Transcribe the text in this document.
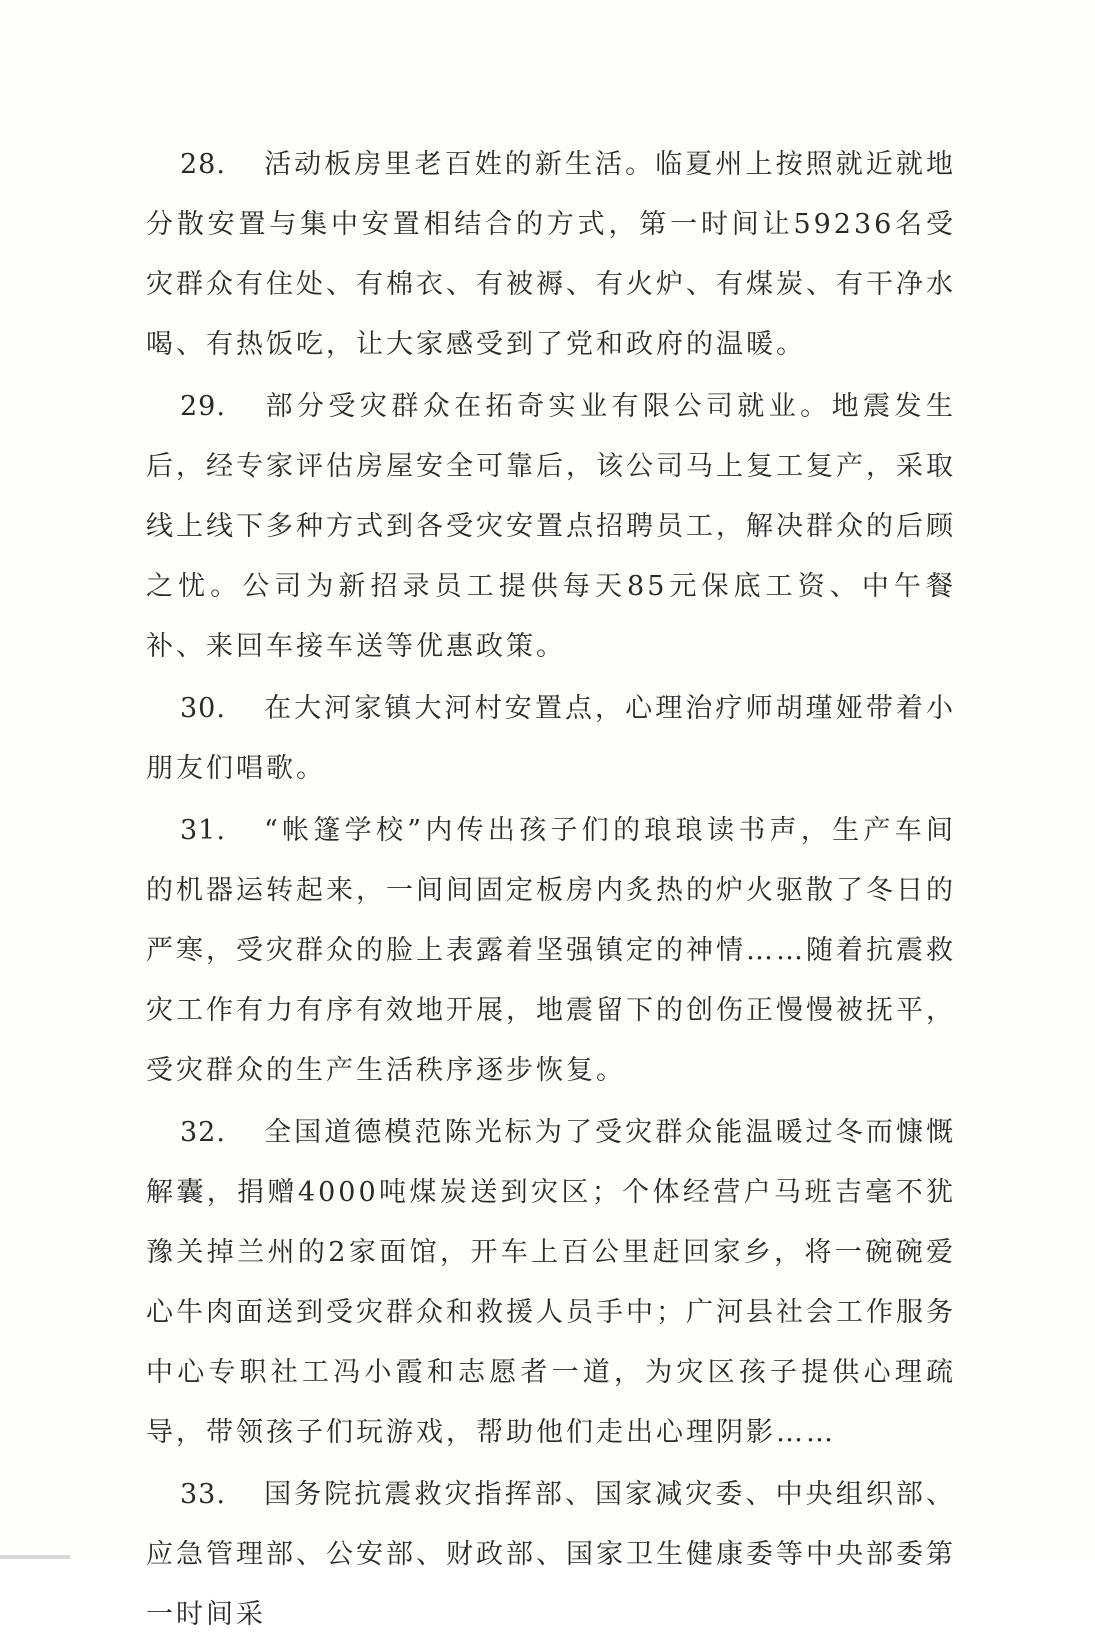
28. 活动板房里老百姓的新生活。临夏州上按照就近就地分散安置与集中安置相结合的方式，第一时间让59236名受灾群众有住处、有棉衣、有被褥、有火炉、有煤炭、有干净水喝、有热饭吃，让大家感受到了党和政府的温暖。

29. 部分受灾群众在拓奇实业有限公司就业。地震发生后，经专家评估房屋安全可靠后，该公司马上复工复产，采取线上线下多种方式到各受灾安置点招聘员工，解决群众的后顾之忧。公司为新招录员工提供每天85元保底工资、中午餐补、来回车接车送等优惠政策。

30. 在大河家镇大河村安置点，心理治疗师胡瑾娅带着小朋友们唱歌。

31. “帐篷学校”内传出孩子们的琅琅读书声，生产车间的机器运转起来，一间间固定板房内炙热的炉火驱散了冬日的严寒，受灾群众的脸上表露着坚强镇定的神情……随着抗震救灾工作有力有序有效地开展，地震留下的创伤正慢慢被抚平，受灾群众的生产生活秩序逐步恢复。

32. 全国道德模范陈光标为了受灾群众能温暖过冬而慷慨解囊，捐赠4000吨煤炭送到灾区；个体经营户马班吉毫不犹豫关掉兰州的2家面馆，开车上百公里赶回家乡，将一碗碗爱心牛肉面送到受灾群众和救援人员手中；广河县社会工作服务中心专职社工冯小霞和志愿者一道，为灾区孩子提供心理疏导，带领孩子们玩游戏，帮助他们走出心理阴影……

33. 国务院抗震救灾指挥部、国家减灾委、中央组织部、应急管理部、公安部、财政部、国家卫生健康委等中央部委第一时间采
